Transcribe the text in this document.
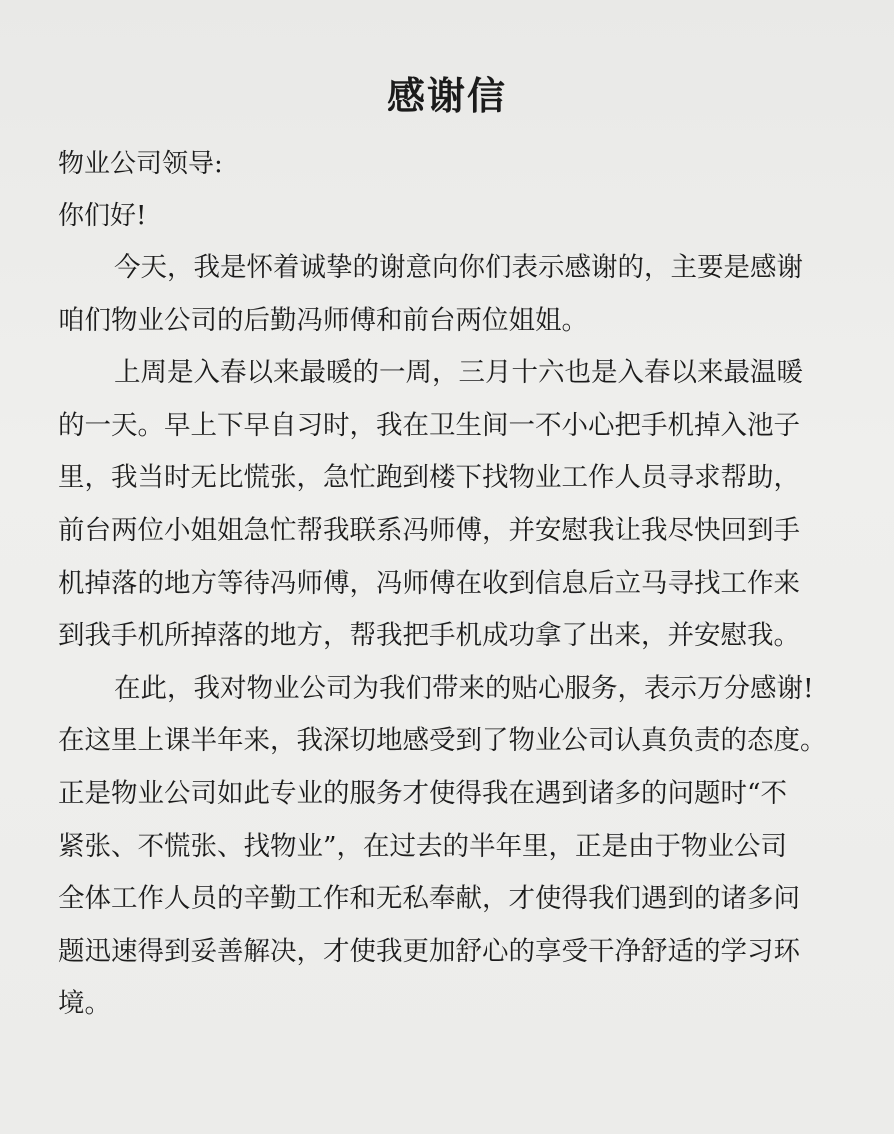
感谢信

物业公司领导:

你们好!

今天，我是怀着诚挚的谢意向你们表示感谢的，主要是感谢

咱们物业公司的后勤冯师傅和前台两位姐姐。

上周是入春以来最暖的一周，三月十六也是入春以来最温暖

的一天。早上下早自习时，我在卫生间一不小心把手机掉入池子

里，我当时无比慌张，急忙跑到楼下找物业工作人员寻求帮助，

前台两位小姐姐急忙帮我联系冯师傅，并安慰我让我尽快回到手

机掉落的地方等待冯师傅，冯师傅在收到信息后立马寻找工作来

到我手机所掉落的地方，帮我把手机成功拿了出来，并安慰我。

在此，我对物业公司为我们带来的贴心服务，表示万分感谢!

在这里上课半年来，我深切地感受到了物业公司认真负责的态度。

正是物业公司如此专业的服务才使得我在遇到诸多的问题时“不

紧张、不慌张、找物业”，在过去的半年里，正是由于物业公司

全体工作人员的辛勤工作和无私奉献，才使得我们遇到的诸多问

题迅速得到妥善解决，才使我更加舒心的享受干净舒适的学习环

境。
